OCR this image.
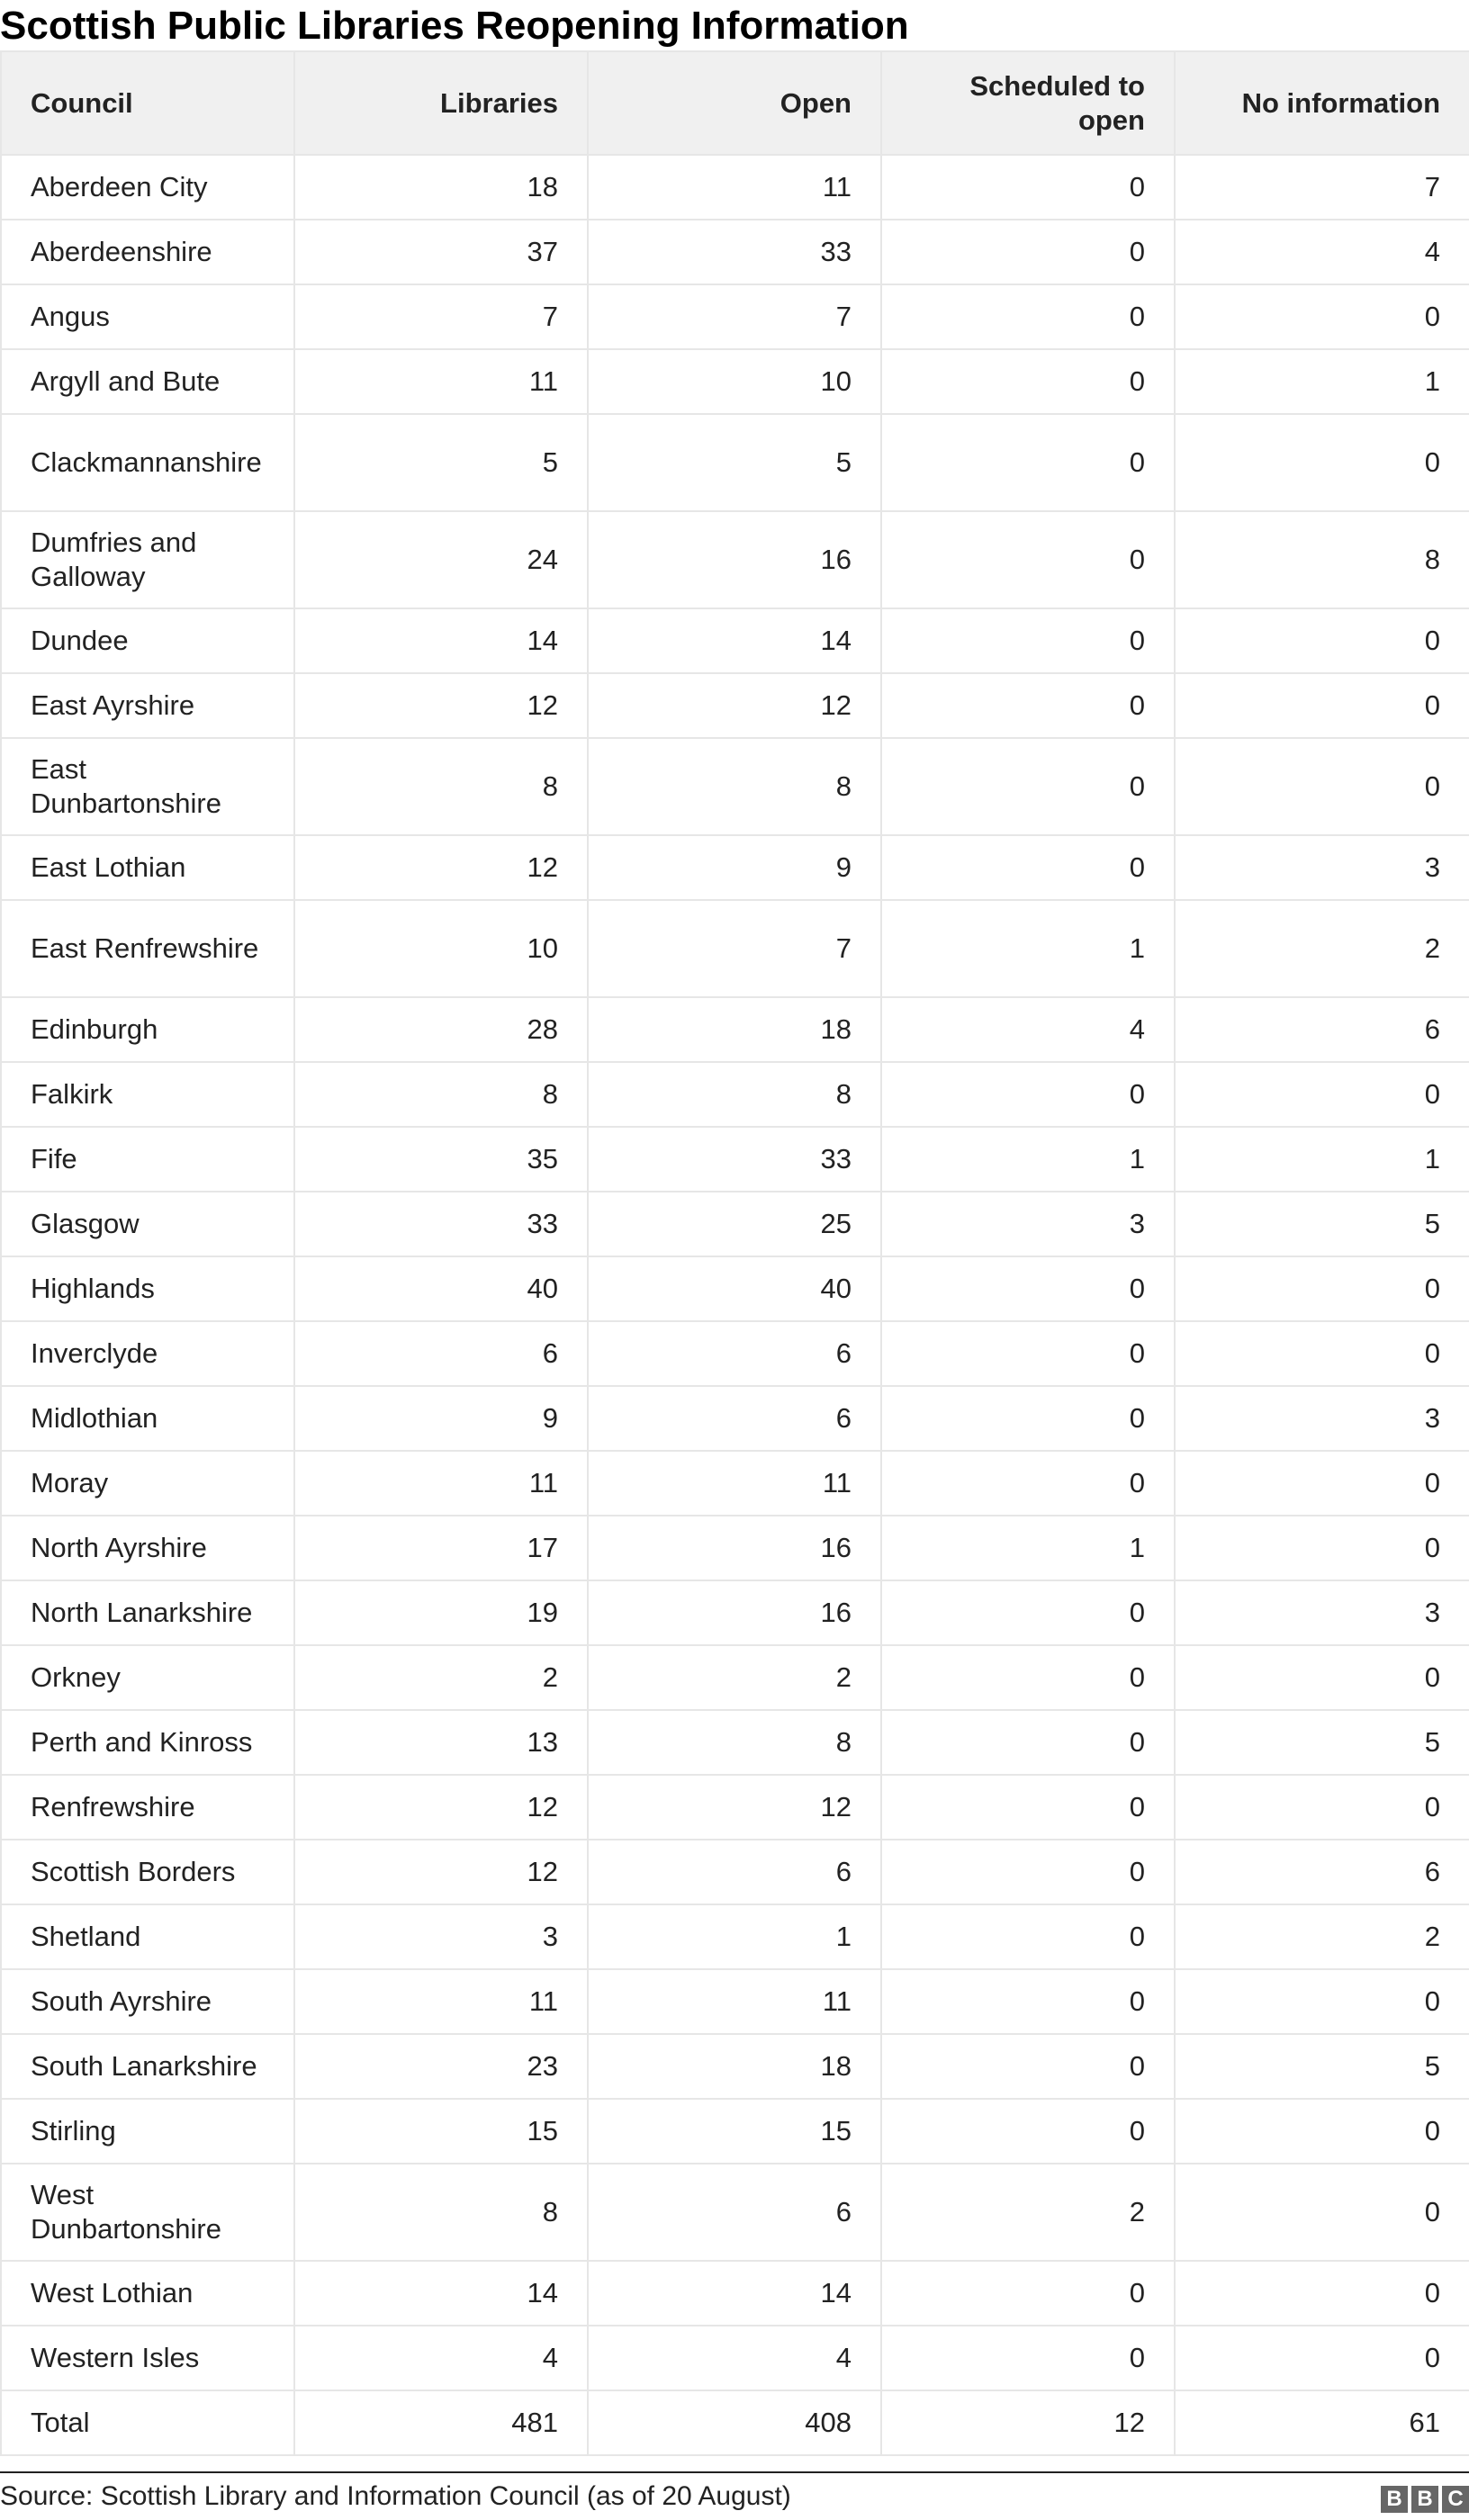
Scottish Public Libraries Reopening Information
Council	Libraries	Open	Scheduled to open	No information
Aberdeen City	18	11	0	7
Aberdeenshire	37	33	0	4
Angus	7	7	0	0
Argyll and Bute	11	10	0	1
Clackmannanshire	5	5	0	0
Dumfries and Galloway	24	16	0	8
Dundee	14	14	0	0
East Ayrshire	12	12	0	0
East Dunbartonshire	8	8	0	0
East Lothian	12	9	0	3
East Renfrewshire	10	7	1	2
Edinburgh	28	18	4	6
Falkirk	8	8	0	0
Fife	35	33	1	1
Glasgow	33	25	3	5
Highlands	40	40	0	0
Inverclyde	6	6	0	0
Midlothian	9	6	0	3
Moray	11	11	0	0
North Ayrshire	17	16	1	0
North Lanarkshire	19	16	0	3
Orkney	2	2	0	0
Perth and Kinross	13	8	0	5
Renfrewshire	12	12	0	0
Scottish Borders	12	6	0	6
Shetland	3	1	0	2
South Ayrshire	11	11	0	0
South Lanarkshire	23	18	0	5
Stirling	15	15	0	0
West Dunbartonshire	8	6	2	0
West Lothian	14	14	0	0
Western Isles	4	4	0	0
Total	481	408	12	61
Source: Scottish Library and Information Council (as of 20 August)	B B C
